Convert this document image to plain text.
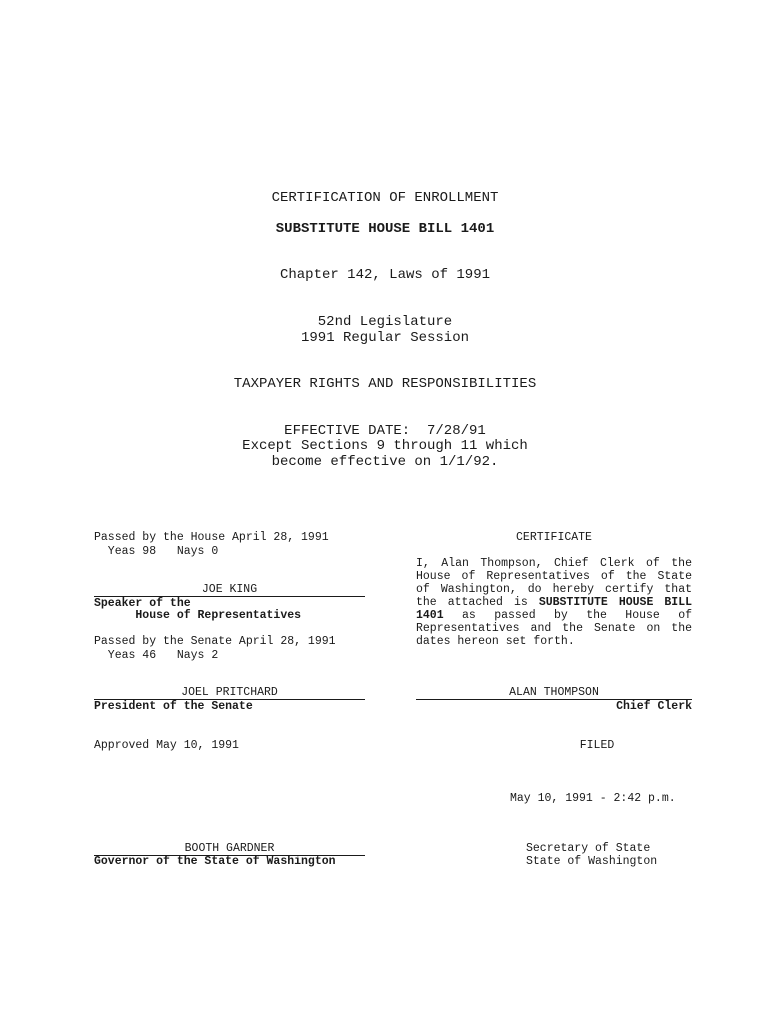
CERTIFICATION OF ENROLLMENT
SUBSTITUTE HOUSE BILL 1401
Chapter 142, Laws of 1991
52nd Legislature
1991 Regular Session
TAXPAYER RIGHTS AND RESPONSIBILITIES
EFFECTIVE DATE:  7/28/91
Except Sections 9 through 11 which
become effective on 1/1/92.
Passed by the House April 28, 1991
Yeas 98   Nays 0
JOE KING
Speaker of the
House of Representatives
Passed by the Senate April 28, 1991
Yeas 46   Nays 2
JOEL PRITCHARD
President of the Senate
Approved May 10, 1991
BOOTH GARDNER
Governor of the State of Washington
CERTIFICATE
I, Alan Thompson, Chief Clerk of the House of Representatives of the State of Washington, do hereby certify that the attached is SUBSTITUTE HOUSE BILL 1401 as passed by the House of Representatives and the Senate on the dates hereon set forth.
ALAN THOMPSON
Chief Clerk
FILED
May 10, 1991 - 2:42 p.m.
Secretary of State
State of Washington
